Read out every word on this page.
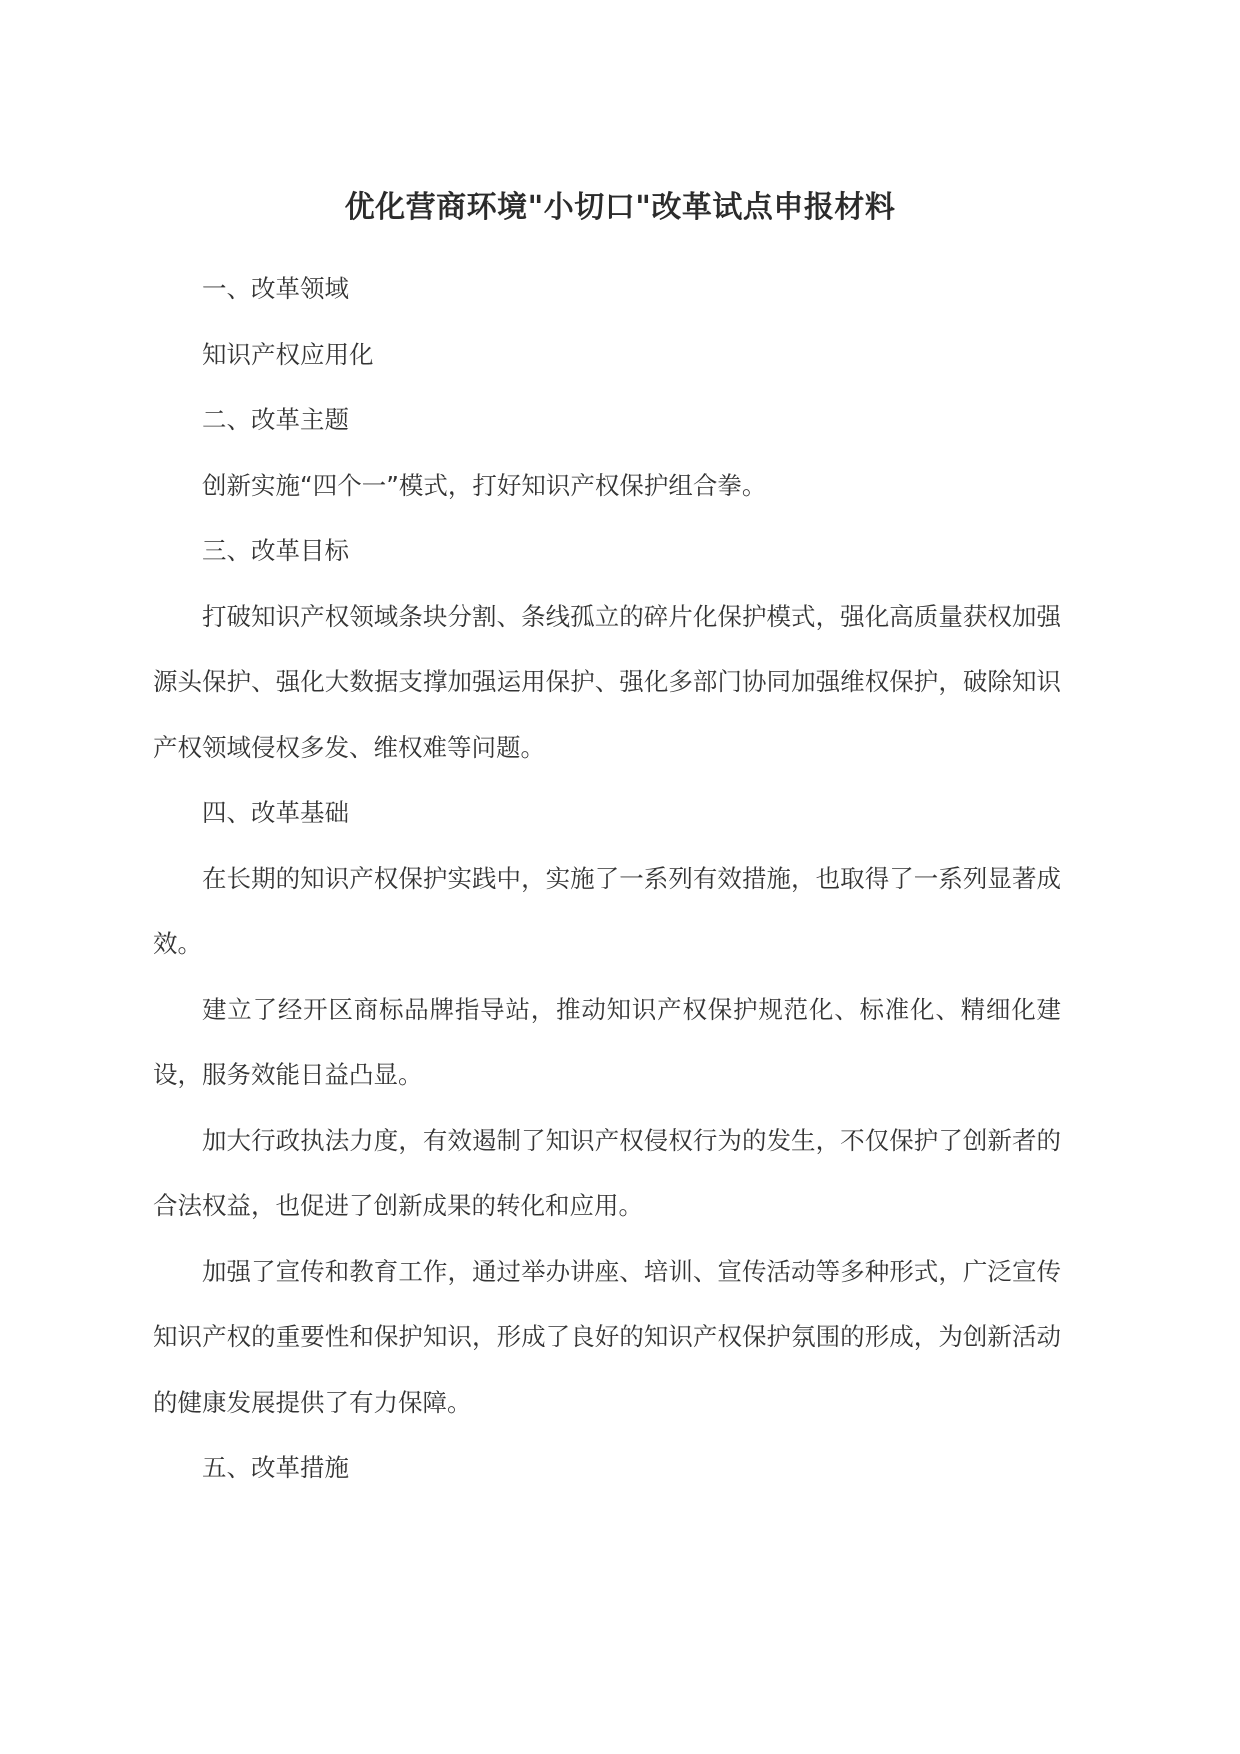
优化营商环境"小切口"改革试点申报材料

一、改革领域

知识产权应用化

二、改革主题

创新实施“四个一”模式，打好知识产权保护组合拳。

三、改革目标

打破知识产权领域条块分割、条线孤立的碎片化保护模式，强化高质量获权加强源头保护、强化大数据支撑加强运用保护、强化多部门协同加强维权保护，破除知识产权领域侵权多发、维权难等问题。

四、改革基础

在长期的知识产权保护实践中，实施了一系列有效措施，也取得了一系列显著成效。

建立了经开区商标品牌指导站，推动知识产权保护规范化、标准化、精细化建设，服务效能日益凸显。

加大行政执法力度，有效遏制了知识产权侵权行为的发生，不仅保护了创新者的合法权益，也促进了创新成果的转化和应用。

加强了宣传和教育工作，通过举办讲座、培训、宣传活动等多种形式，广泛宣传知识产权的重要性和保护知识，形成了良好的知识产权保护氛围的形成，为创新活动的健康发展提供了有力保障。

五、改革措施
